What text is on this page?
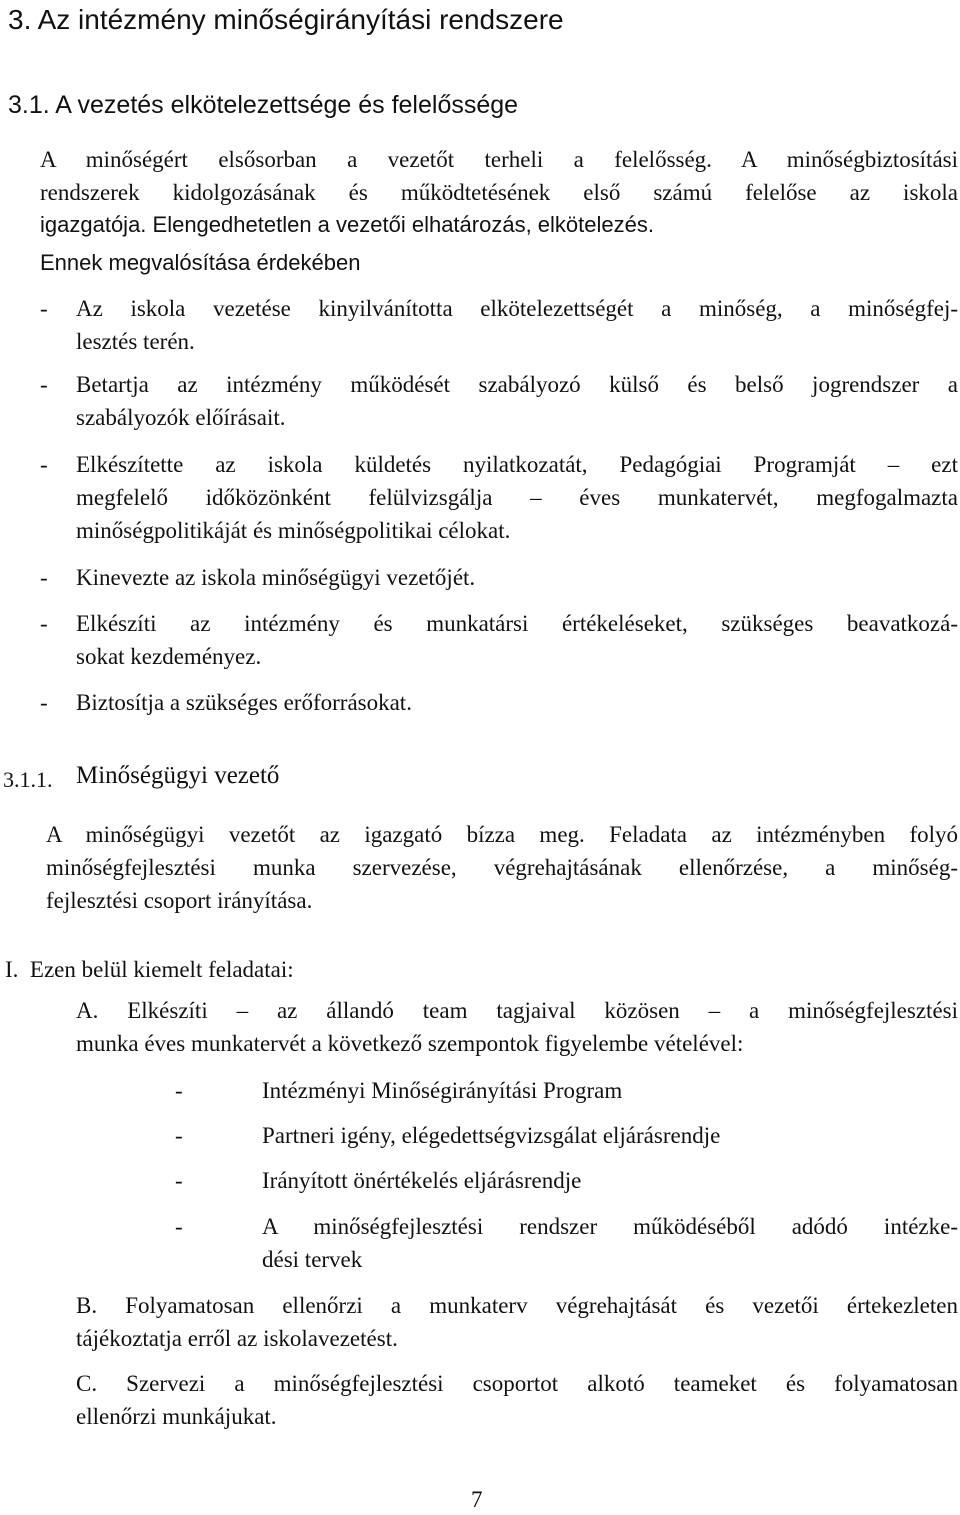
3. Az intézmény minőségirányítási rendszere
3.1. A vezetés elkötelezettsége és felelőssége
A minőségért elsősorban a vezetőt terheli a felelősség. A minőségbiztosítási
rendszerek kidolgozásának és működtetésének első számú felelőse az iskola
igazgatója. Elengedhetetlen a vezetői elhatározás, elkötelezés.
Ennek megvalósítása érdekében
- Az iskola vezetése kinyilvánította elkötelezettségét a minőség, a minőségfej-
lesztés terén.
- Betartja az intézmény működését szabályozó külső és belső jogrendszer a
szabályozók előírásait.
- Elkészítette az iskola küldetés nyilatkozatát, Pedagógiai Programját – ezt
megfelelő időközönként felülvizsgálja – éves munkatervét, megfogalmazta
minőségpolitikáját és minőségpolitikai célokat.
- Kinevezte az iskola minőségügyi vezetőjét.
- Elkészíti az intézmény és munkatársi értékeléseket, szükséges beavatkozá-
sokat kezdeményez.
- Biztosítja a szükséges erőforrásokat.
3.1.1. Minőségügyi vezető
A minőségügyi vezetőt az igazgató bízza meg. Feladata az intézményben folyó
minőségfejlesztési munka szervezése, végrehajtásának ellenőrzése, a minőség-
fejlesztési csoport irányítása.
I.  Ezen belül kiemelt feladatai:
A. Elkészíti – az állandó team tagjaival közösen – a minőségfejlesztési
munka éves munkatervét a következő szempontok figyelembe vételével:
-	Intézményi Minőségirányítási Program
-	Partneri igény, elégedettségvizsgálat eljárásrendje
-	Irányított önértékelés eljárásrendje
-	A minőségfejlesztési rendszer működéséből adódó intézke-
dési tervek
B. Folyamatosan ellenőrzi a munkaterv végrehajtását és vezetői értekezleten
tájékoztatja erről az iskolavezetést.
C. Szervezi a minőségfejlesztési csoportot alkotó teameket és folyamatosan
ellenőrzi munkájukat.
7
